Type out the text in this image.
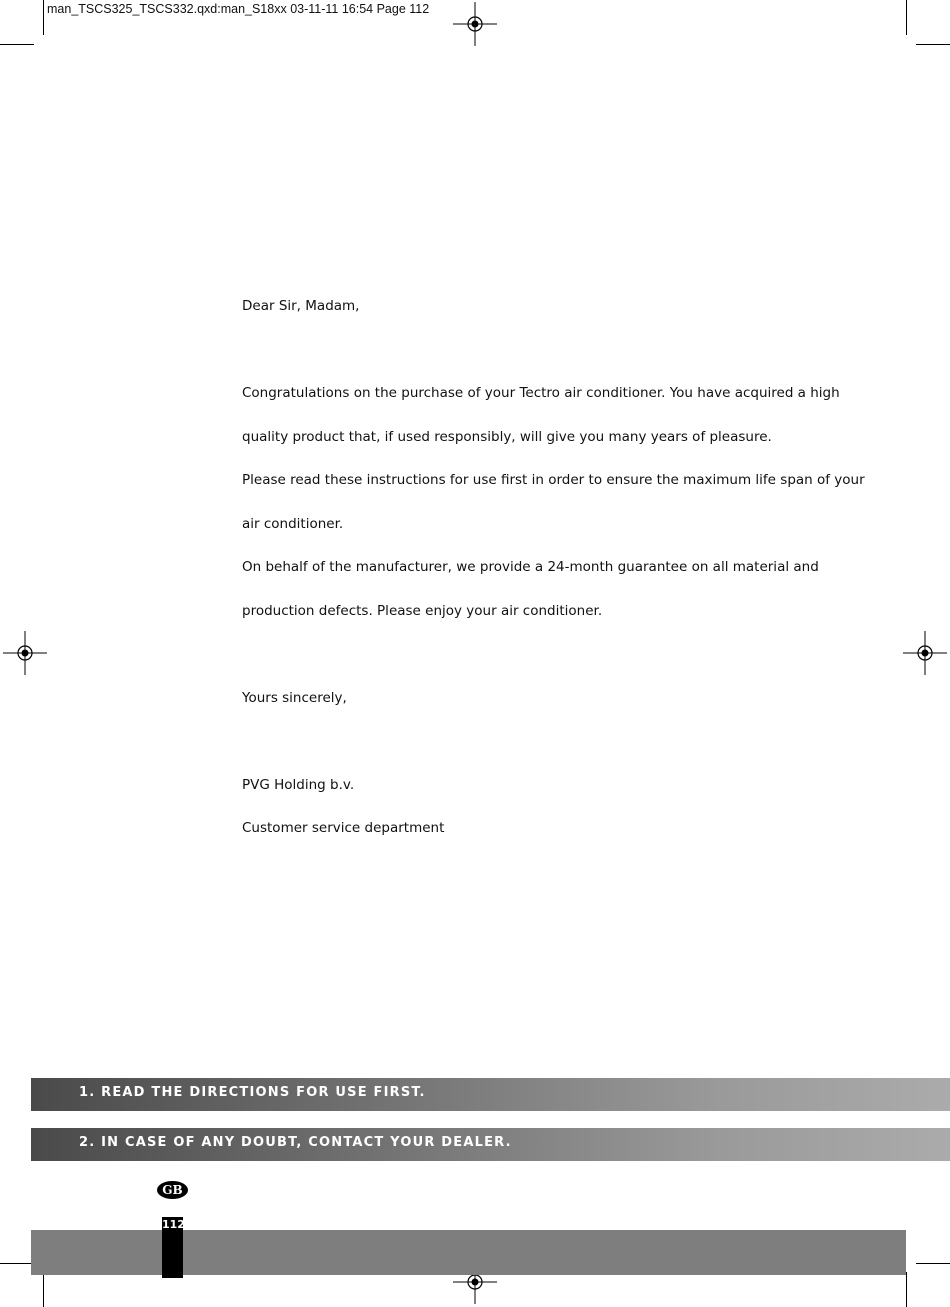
man_TSCS325_TSCS332.qxd:man_S18xx 03-11-11 16:54 Page 112
Dear Sir, Madam,
Congratulations on the purchase of your Tectro air conditioner. You have acquired a high
quality product that, if used responsibly, will give you many years of pleasure.
Please read these instructions for use first in order to ensure the maximum life span of your
air conditioner.
On behalf of the manufacturer, we provide a 24-month guarantee on all material and
production defects. Please enjoy your air conditioner.
Yours sincerely,
PVG Holding b.v.
Customer service department
1. READ THE DIRECTIONS FOR USE FIRST.
2. IN CASE OF ANY DOUBT, CONTACT YOUR DEALER.
GB
112
